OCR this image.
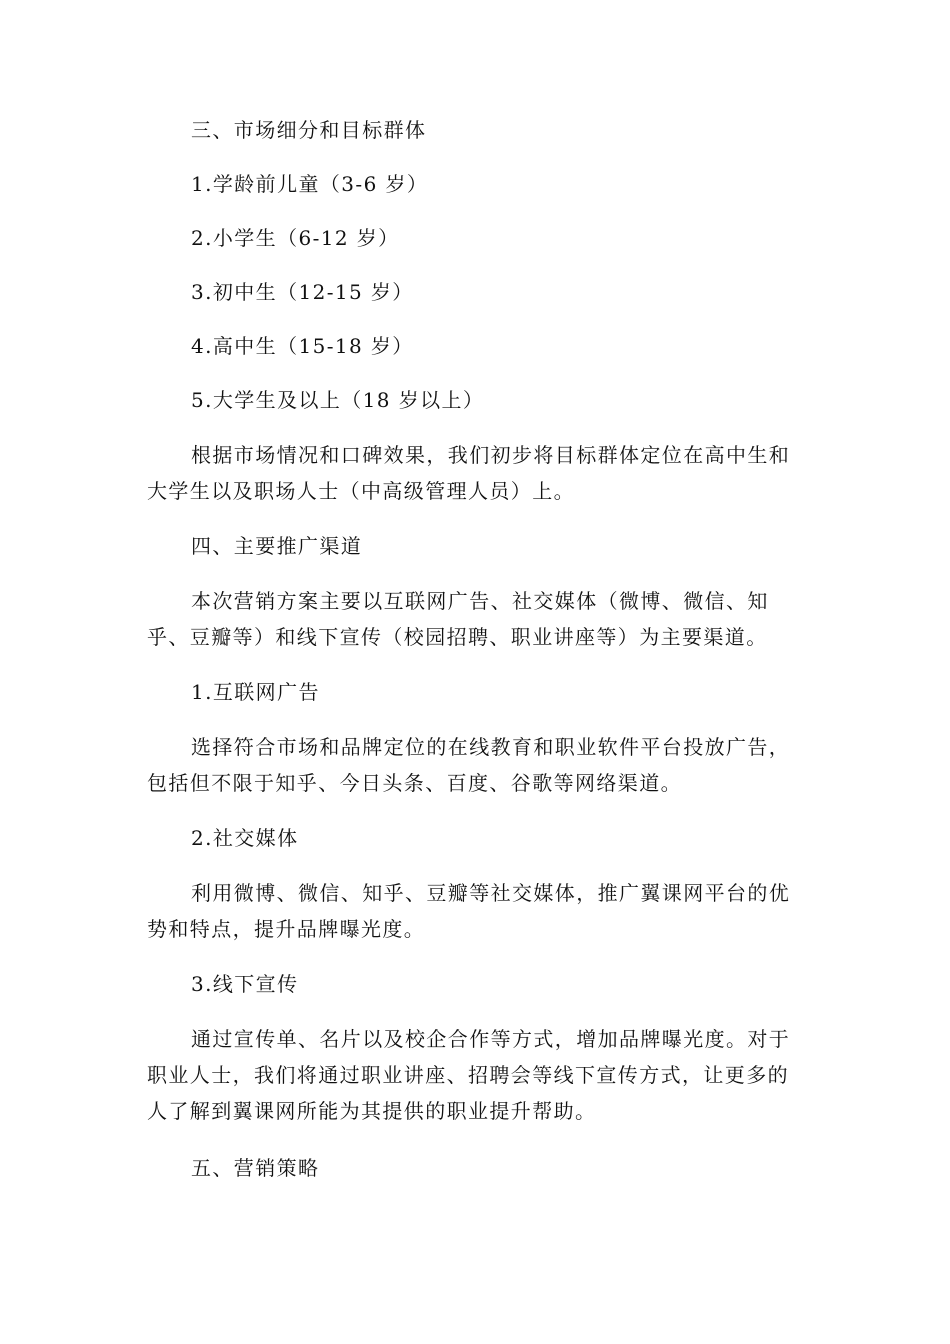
三、市场细分和目标群体

1.学龄前儿童（3-6 岁）

2.小学生（6-12 岁）

3.初中生（12-15 岁）

4.高中生（15-18 岁）

5.大学生及以上（18 岁以上）

根据市场情况和口碑效果，我们初步将目标群体定位在高中生和大学生以及职场人士（中高级管理人员）上。

四、主要推广渠道

本次营销方案主要以互联网广告、社交媒体（微博、微信、知乎、豆瓣等）和线下宣传（校园招聘、职业讲座等）为主要渠道。

1.互联网广告

选择符合市场和品牌定位的在线教育和职业软件平台投放广告，包括但不限于知乎、今日头条、百度、谷歌等网络渠道。

2.社交媒体

利用微博、微信、知乎、豆瓣等社交媒体，推广翼课网平台的优势和特点，提升品牌曝光度。

3.线下宣传

通过宣传单、名片以及校企合作等方式，增加品牌曝光度。对于职业人士，我们将通过职业讲座、招聘会等线下宣传方式，让更多的人了解到翼课网所能为其提供的职业提升帮助。

五、营销策略
